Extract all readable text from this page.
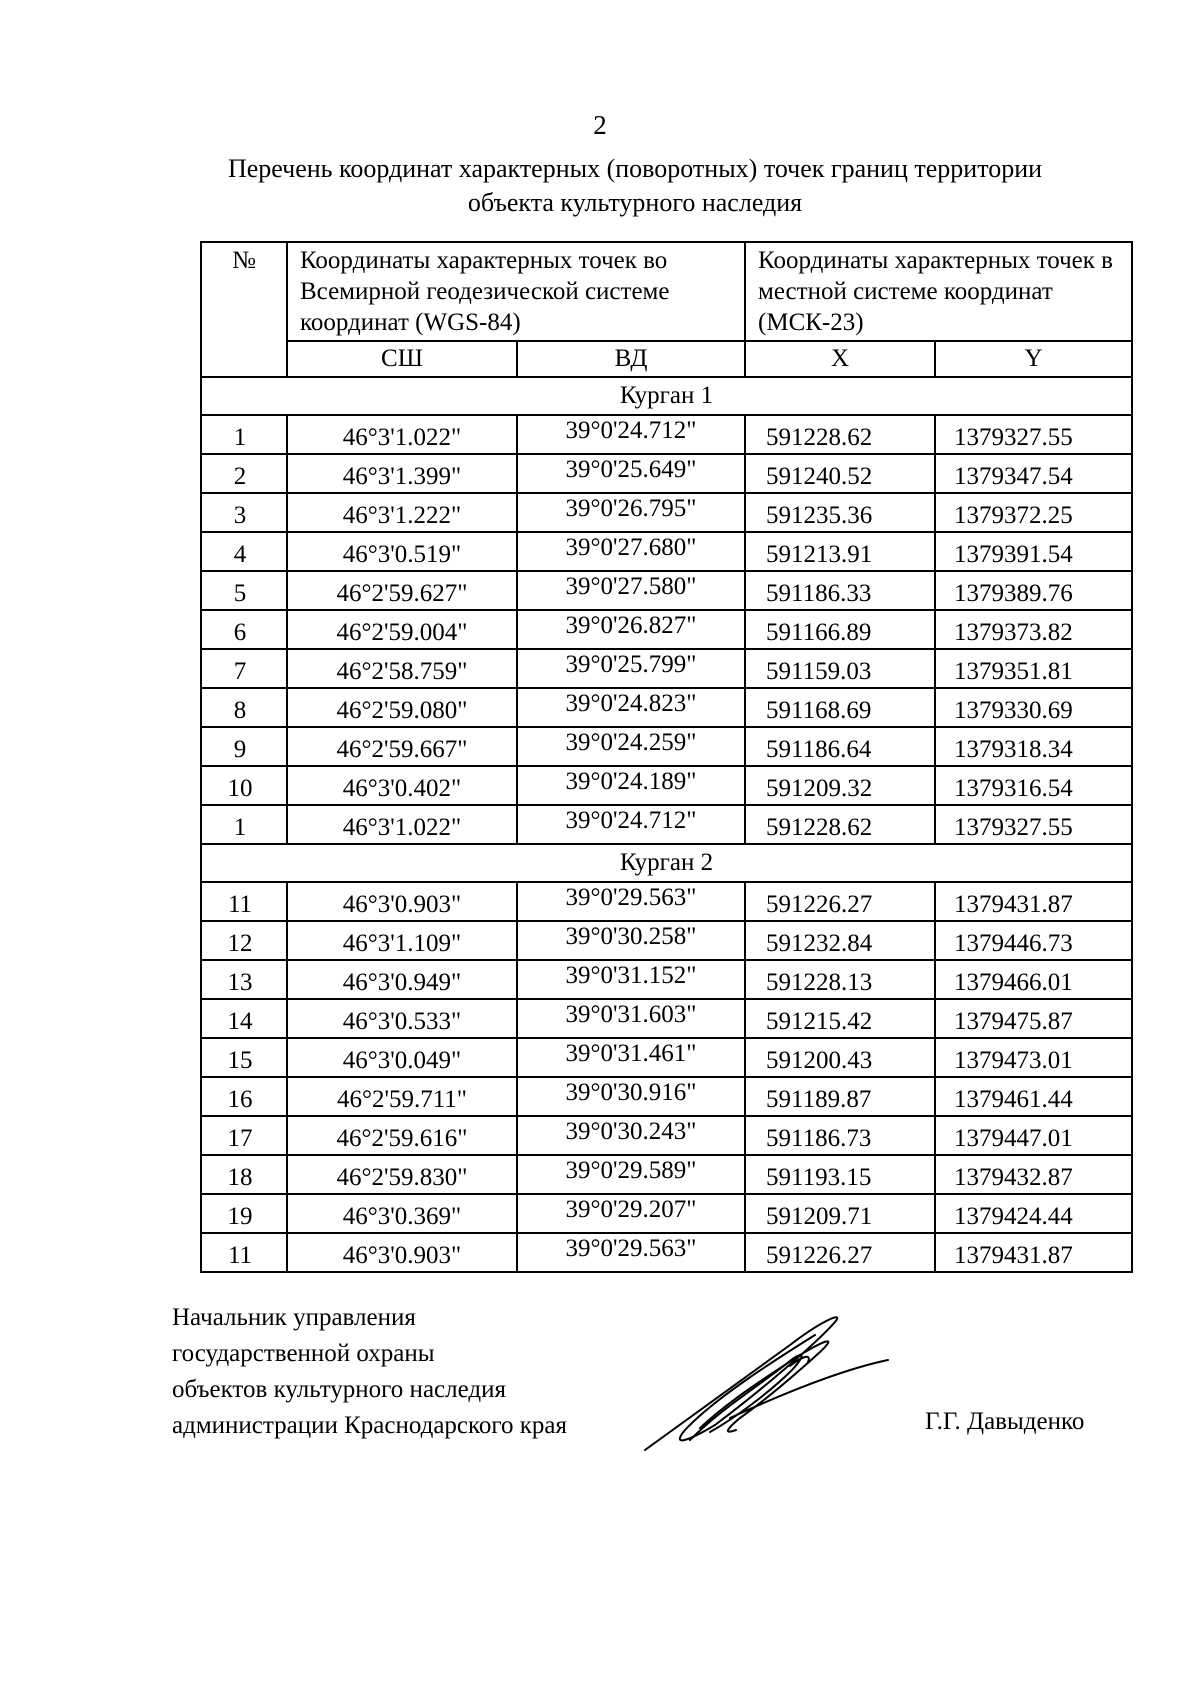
2
Перечень координат характерных (поворотных) точек границ территории
объекта культурного наследия
№	Координаты характерных точек во Всемирной геодезической системе координат (WGS-84)		Координаты характерных точек в местной системе координат (МСК-23)	
	СШ	ВД	X	Y
Курган 1				
1	46°3'1.022"	39°0'24.712"	591228.62	1379327.55
2	46°3'1.399"	39°0'25.649"	591240.52	1379347.54
3	46°3'1.222"	39°0'26.795"	591235.36	1379372.25
4	46°3'0.519"	39°0'27.680"	591213.91	1379391.54
5	46°2'59.627"	39°0'27.580"	591186.33	1379389.76
6	46°2'59.004"	39°0'26.827"	591166.89	1379373.82
7	46°2'58.759"	39°0'25.799"	591159.03	1379351.81
8	46°2'59.080"	39°0'24.823"	591168.69	1379330.69
9	46°2'59.667"	39°0'24.259"	591186.64	1379318.34
10	46°3'0.402"	39°0'24.189"	591209.32	1379316.54
1	46°3'1.022"	39°0'24.712"	591228.62	1379327.55
Курган 2				
11	46°3'0.903"	39°0'29.563"	591226.27	1379431.87
12	46°3'1.109"	39°0'30.258"	591232.84	1379446.73
13	46°3'0.949"	39°0'31.152"	591228.13	1379466.01
14	46°3'0.533"	39°0'31.603"	591215.42	1379475.87
15	46°3'0.049"	39°0'31.461"	591200.43	1379473.01
16	46°2'59.711"	39°0'30.916"	591189.87	1379461.44
17	46°2'59.616"	39°0'30.243"	591186.73	1379447.01
18	46°2'59.830"	39°0'29.589"	591193.15	1379432.87
19	46°3'0.369"	39°0'29.207"	591209.71	1379424.44
11	46°3'0.903"	39°0'29.563"	591226.27	1379431.87
Начальник управления
государственной охраны
объектов культурного наследия
администрации Краснодарского края	Г.Г. Давыденко
